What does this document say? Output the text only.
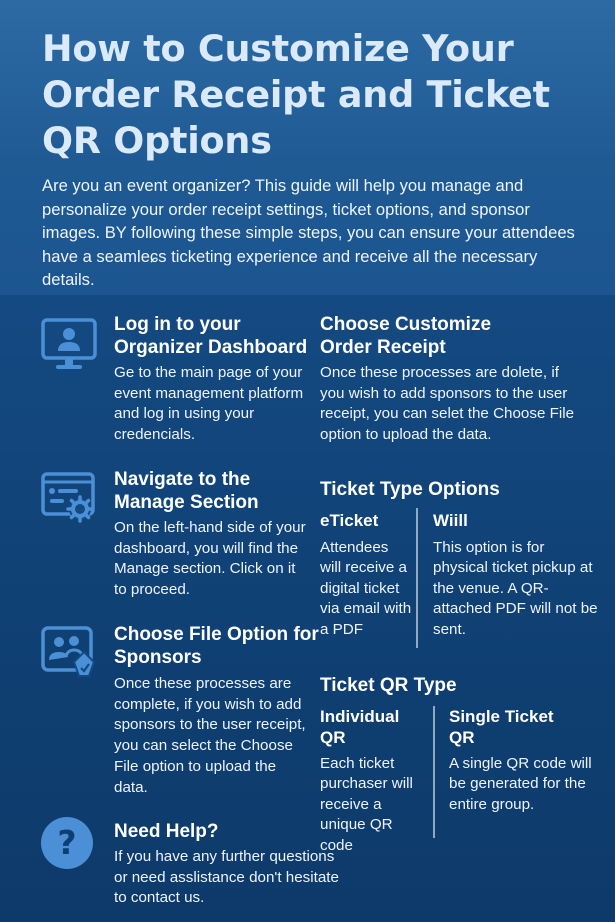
How to Customize Your Order Receipt and Ticket QR Options

Are you an event organizer? This guide will help you manage and personalize your order receipt settings, ticket options, and sponsor images. BY following these simple steps, you can ensure your attendees have a seamleɕs ticketing experience and receive all the necessary details.

Log in to your Organizer Dashboard

Ge to the main page of your event management platform and log in using your credencials.

Navigate to the Manage Section

On the left-hand side of your dashboard, you will find the Manage section. Click on it to proceed.

Choose File Option for Sponsors

Once these processes are complete, if you wish to add sponsors to the user receipt, you can select the Choose File option to upload the data.

? Need Help?

If you have any further questions or need asslistance don't hesitate to contact us.

Choose Customize Order Receipt

Once these processes are dolete, if you wish to add sponsors to the user receipt, you can selet the Choose File option to upload the data.

Ticket Type Options
eTicket

Attendees will receive a digital ticket via email with a PDF

Wiill

This option is for physical ticket pickup at the venue. A QR-attached PDF will not be sent.

Ticket QR Type
Individual QR

Each ticket purchaser will receive a unique QR code

Single Ticket QR

A single QR code will be generated for the entire group.
